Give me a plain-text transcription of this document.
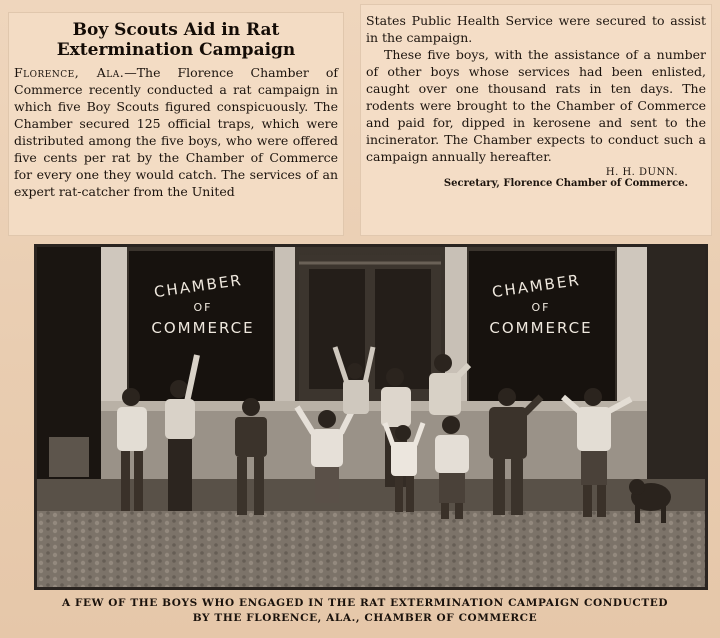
Boy Scouts Aid in Rat Extermination Campaign

Florence, Ala.—The Florence Chamber of Commerce recently conducted a rat campaign in which five Boy Scouts figured conspicuously. The Chamber secured 125 official traps, which were distributed among the five boys, who were offered five cents per rat by the Chamber of Commerce for every one they would catch. The services of an expert rat-catcher from the United

States Public Health Service were secured to assist in the campaign.

These five boys, with the assistance of a number of other boys whose services had been enlisted, caught over one thousand rats in ten days. The rodents were brought to the Chamber of Commerce and paid for, dipped in kerosene and sent to the incinerator. The Chamber expects to conduct such a campaign annually hereafter.

H. H. DUNN.

Secretary, Florence Chamber of Commerce.

CHAMBER
OF
COMMERCE
CHAMBER
OF
COMMERCE
A FEW OF THE BOYS WHO ENGAGED IN THE RAT EXTERMINATION CAMPAIGN CONDUCTED
BY THE FLORENCE, ALA., CHAMBER OF COMMERCE
